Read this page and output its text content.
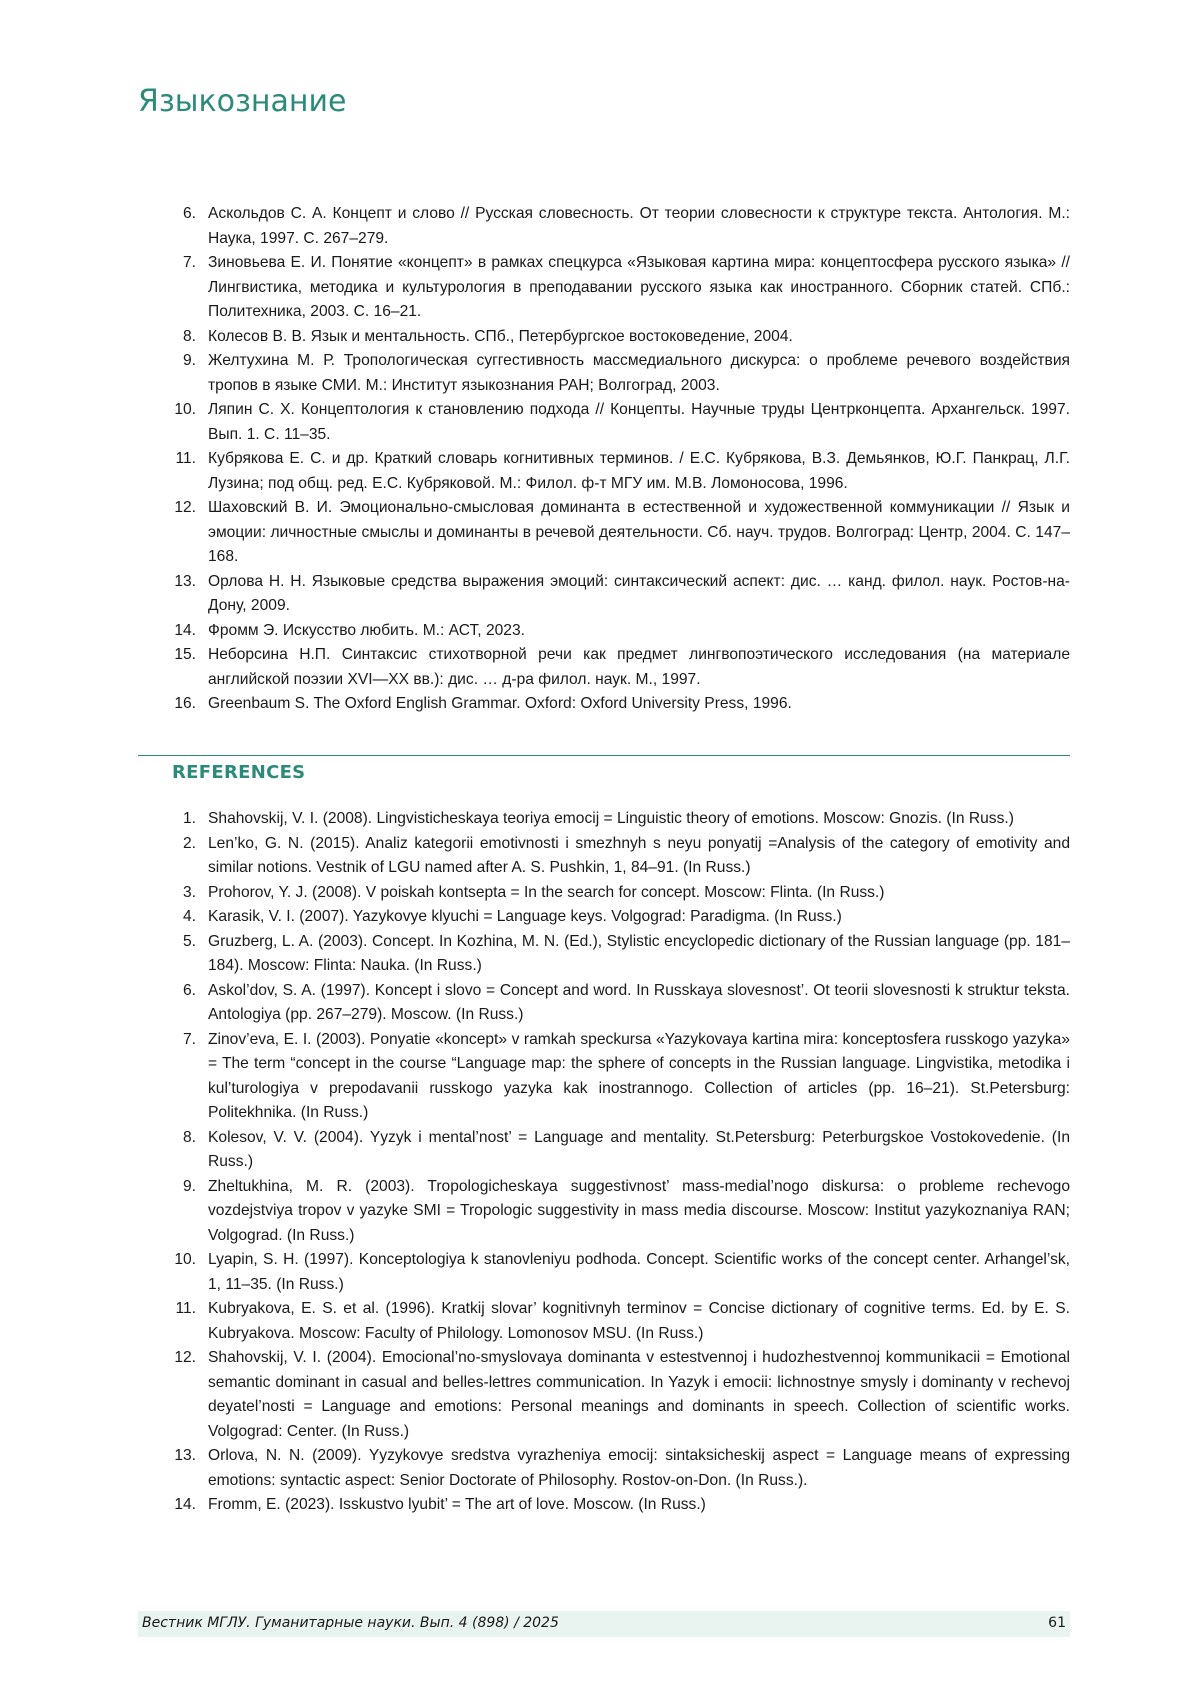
Языкознание
6. Аскольдов С. А. Концепт и слово // Русская словесность. От теории словесности к структуре текста. Антология. М.: Наука, 1997. С. 267–279.
7. Зиновьева Е. И. Понятие «концепт» в рамках спецкурса «Языковая картина мира: концептосфера русского языка» // Лингвистика, методика и культурология в преподавании русского языка как иностранного. Сборник статей. СПб.: Политехника, 2003. С. 16–21.
8. Колесов В. В. Язык и ментальность. СПб., Петербургское востоковедение, 2004.
9. Желтухина М. Р. Тропологическая суггестивность массмедиального дискурса: о проблеме речевого воздействия тропов в языке СМИ. М.: Институт языкознания РАН; Волгоград, 2003.
10. Ляпин С. Х. Концептология к становлению подхода // Концепты. Научные труды Центрконцепта. Архангельск. 1997. Вып. 1. С. 11–35.
11. Кубрякова Е. С. и др. Краткий словарь когнитивных терминов. / Е.С. Кубрякова, В.З. Демьянков, Ю.Г. Панкрац, Л.Г. Лузина; под общ. ред. Е.С. Кубряковой. М.: Филол. ф-т МГУ им. М.В. Ломоносова, 1996.
12. Шаховский В. И. Эмоционально-смысловая доминанта в естественной и художественной коммуникации // Язык и эмоции: личностные смыслы и доминанты в речевой деятельности. Сб. науч. трудов. Волгоград: Центр, 2004. С. 147–168.
13. Орлова Н. Н. Языковые средства выражения эмоций: синтаксический аспект: дис. … канд. филол. наук. Ростов-на-Дону, 2009.
14. Фромм Э. Искусство любить. М.: АСТ, 2023.
15. Неборсина Н.П. Синтаксис стихотворной речи как предмет лингвопоэтического исследования (на материале английской поэзии XVI—XX вв.): дис. … д-ра филол. наук. М., 1997.
16. Greenbaum S. The Oxford English Grammar. Oxford: Oxford University Press, 1996.
REFERENCES
1. Shahovskij, V. I. (2008). Lingvisticheskaya teoriya emocij = Linguistic theory of emotions. Moscow: Gnozis. (In Russ.)
2. Len’ko, G. N. (2015). Analiz kategorii emotivnosti i smezhnyh s neyu ponyatij =Analysis of the category of emotivity and similar notions. Vestnik of LGU named after A. S. Pushkin, 1, 84–91. (In Russ.)
3. Prohorov, Y. J. (2008). V poiskah kontsepta = In the search for concept. Moscow: Flinta. (In Russ.)
4. Karasik, V. I. (2007). Yazykovye klyuchi = Language keys. Volgograd: Paradigma. (In Russ.)
5. Gruzberg, L. A. (2003). Concept. In Kozhina, M. N. (Ed.), Stylistic encyclopedic dictionary of the Russian language (pp. 181–184). Moscow: Flinta: Nauka. (In Russ.)
6. Askol’dov, S. A. (1997). Koncept i slovo = Concept and word. In Russkaya slovesnost’. Ot teorii slovesnosti k struktur teksta. Antologiya (pp. 267–279). Moscow. (In Russ.)
7. Zinov’eva, E. I. (2003). Ponyatie «koncept» v ramkah speckursa «Yazykovaya kartina mira: konceptosfera russkogo yazyka» = The term “concept in the course “Language map: the sphere of concepts in the Russian language. Lingvistika, metodika i kul’turologiya v prepodavanii russkogo yazyka kak inostrannogo. Collection of articles (pp. 16–21). St.Petersburg: Politekhnika. (In Russ.)
8. Kolesov, V. V. (2004). Yyzyk i mental’nost’ = Language and mentality. St.Petersburg: Peterburgskoe Vostokovedenie. (In Russ.)
9. Zheltukhina, M. R. (2003). Tropologicheskaya suggestivnost’ mass-medial’nogo diskursa: o probleme rechevogo vozdejstviya tropov v yazyke SMI = Tropologic suggestivity in mass media discourse. Moscow: Institut yazykoznaniya RAN; Volgograd. (In Russ.)
10. Lyapin, S. H. (1997). Konceptologiya k stanovleniyu podhoda. Concept. Scientific works of the concept center. Arhangel’sk, 1, 11–35. (In Russ.)
11. Kubryakova, E. S. et al. (1996). Kratkij slovar’ kognitivnyh terminov = Concise dictionary of cognitive terms. Ed. by E. S. Kubryakova. Moscow: Faculty of Philology. Lomonosov MSU. (In Russ.)
12. Shahovskij, V. I. (2004). Emocional’no-smyslovaya dominanta v estestvennoj i hudozhestvennoj kommunikacii = Emotional semantic dominant in casual and belles-lettres communication. In Yazyk i emocii: lichnostnye smysly i dominanty v rechevoj deyatel’nosti = Language and emotions: Personal meanings and dominants in speech. Collection of scientific works. Volgograd: Center. (In Russ.)
13. Orlova, N. N. (2009). Yyzykovye sredstva vyrazheniya emocij: sintaksicheskij aspect = Language means of expressing emotions: syntactic aspect: Senior Doctorate of Philosophy. Rostov-on-Don. (In Russ.).
14. Fromm, E. (2023). Isskustvo lyubit’ = The art of love. Moscow. (In Russ.)
Вестник МГЛУ. Гуманитарные науки. Вып. 4 (898) / 2025	61
